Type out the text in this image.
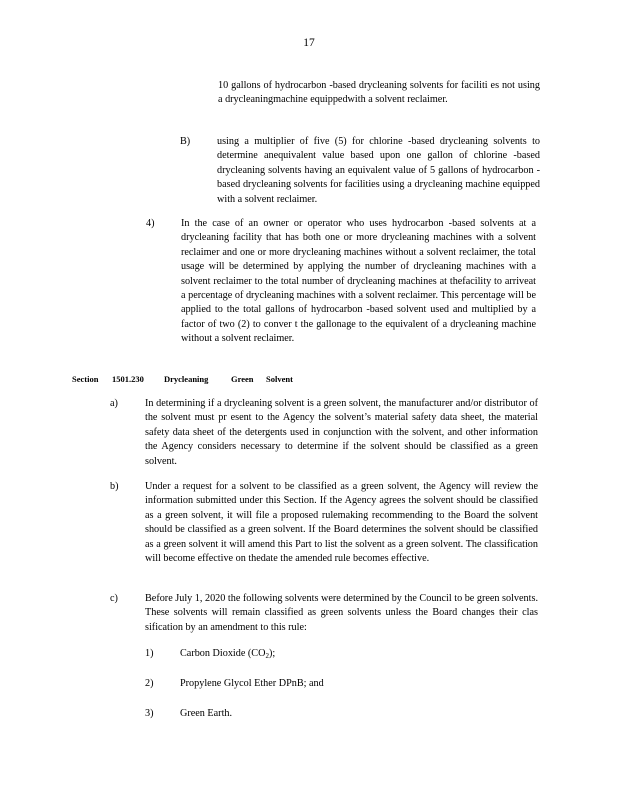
17
10 gallons of hydrocarbon -based drycleaning solvents for faciliti es not using a drycleaningmachine equippedwith a solvent reclaimer.
B)	using a multiplier of five (5) for chlorine -based drycleaning solvents to determine anequivalent value based upon one gallon of chlorine -based drycleaning solvents having an equivalent value of 5 gallons of hydrocarbon -based drycleaning solvents for facilities using a drycleaning machine equipped with a solvent reclaimer.
4)	In the case of an owner or operator who uses hydrocarbon -based solvents at a drycleaning facility that has both one or more drycleaning machines with a solvent reclaimer and one or more drycleaning machines without a solvent reclaimer, the total usage will be determined by applying the number of drycleaning machines with a solvent reclaimer to the total number of drycleaning machines at thefacility to arriveat a percentage of drycleaning machines with a solvent reclaimer. This percentage will be applied to the total gallons of hydrocarbon -based solvent used and multiplied by a factor of two (2) to conver t the gallonage to the equivalent of a drycleaning machine without a solvent reclaimer.
Section 1501.230 Drycleaning	Green Solvent
a)	In determining if a drycleaning solvent is a green solvent, the manufacturer and/or distributor of the solvent must pr esent to the Agency the solvent’s material safety data sheet, the material safety data sheet of the detergents used in conjunction with the solvent, and other information the Agency considers necessary to determine if the solvent should be classified as a green solvent.
b)	Under a request for a solvent to be classified as a green solvent, the Agency will review the information submitted under this Section. If the Agency agrees the solvent should be classified as a green solvent, it will file a proposed rulemaking recommending to the Board the solvent should be classified as a green solvent. If the Board determines the solvent should be classified as a green solvent it will amend this Part to list the solvent as a green solvent. The classification will become effective on thedate the amended rule becomes effective.
c)	Before July 1, 2020 the following solvents were determined by the Council to be green solvents. These solvents will remain classified as green solvents unless the Board changes their clas sification by an amendment to this rule:
1)	Carbon Dioxide $(CO_2)$;
2)	Propylene Glycol Ether DPnB; and
3)	Green Earth.
